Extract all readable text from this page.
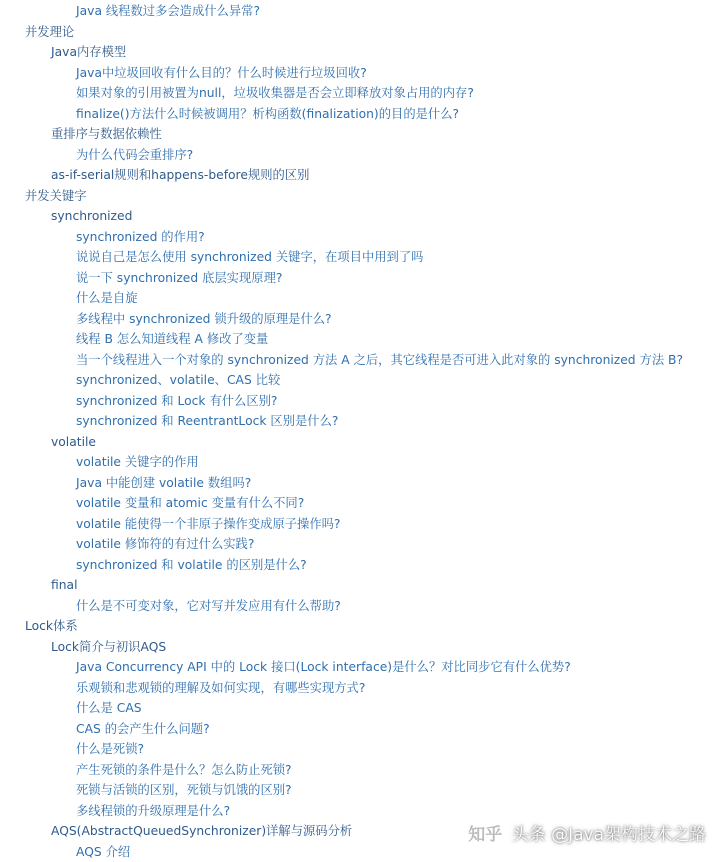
Java 线程数过多会造成什么异常?
并发理论
Java内存模型
Java中垃圾回收有什么目的？什么时候进行垃圾回收?
如果对象的引用被置为null，垃圾收集器是否会立即释放对象占用的内存?
finalize()方法什么时候被调用？析构函数(finalization)的目的是什么?
重排序与数据依赖性
为什么代码会重排序?
as-if-serial规则和happens-before规则的区别
并发关键字
synchronized
synchronized 的作用?
说说自己是怎么使用 synchronized 关键字，在项目中用到了吗
说一下 synchronized 底层实现原理?
什么是自旋
多线程中 synchronized 锁升级的原理是什么?
线程 B 怎么知道线程 A 修改了变量
当一个线程进入一个对象的 synchronized 方法 A 之后，其它线程是否可进入此对象的 synchronized 方法 B?
synchronized、volatile、CAS 比较
synchronized 和 Lock 有什么区别?
synchronized 和 ReentrantLock 区别是什么?
volatile
volatile 关键字的作用
Java 中能创建 volatile 数组吗?
volatile 变量和 atomic 变量有什么不同?
volatile 能使得一个非原子操作变成原子操作吗?
volatile 修饰符的有过什么实践?
synchronized 和 volatile 的区别是什么?
final
什么是不可变对象，它对写并发应用有什么帮助?
Lock体系
Lock简介与初识AQS
Java Concurrency API 中的 Lock 接口(Lock interface)是什么？对比同步它有什么优势?
乐观锁和悲观锁的理解及如何实现，有哪些实现方式?
什么是 CAS
CAS 的会产生什么问题?
什么是死锁?
产生死锁的条件是什么？怎么防止死锁?
死锁与活锁的区别，死锁与饥饿的区别?
多线程锁的升级原理是什么?
AQS(AbstractQueuedSynchronizer)详解与源码分析
AQS 介绍
知乎 头条 @Java架构技术之路
